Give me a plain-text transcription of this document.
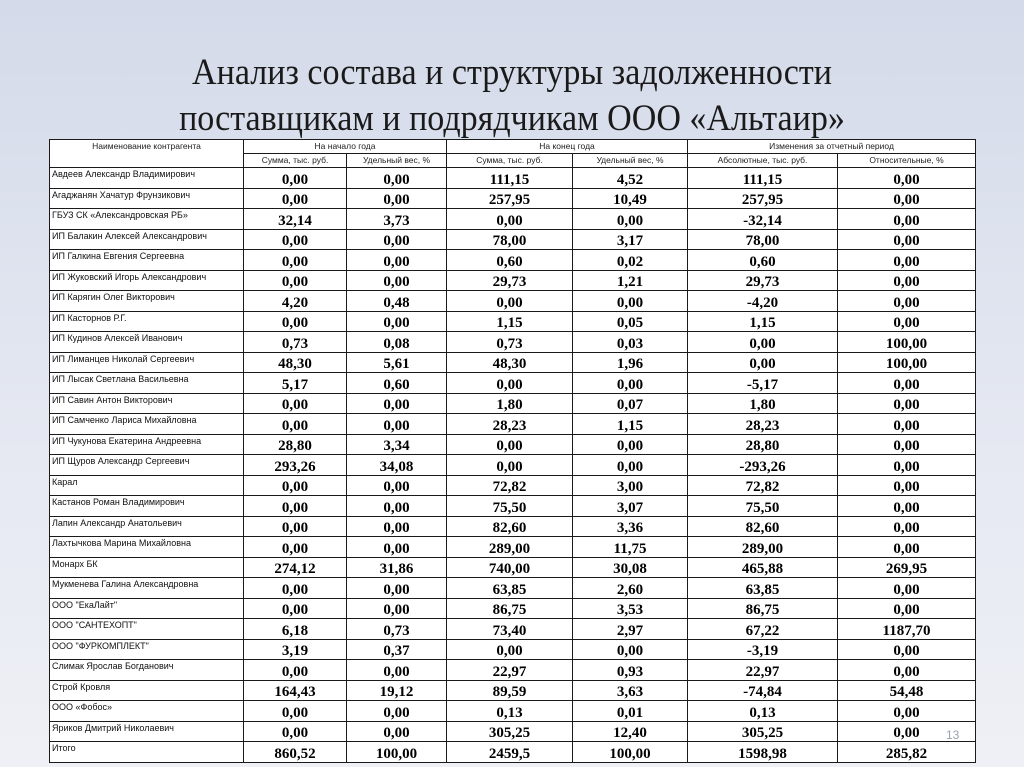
Анализ состава и структуры задолженности
поставщикам и подрядчикам ООО «Альтаир»
Наименование контрагента	На начало года		На конец года		Изменения за отчетный период	
	Сумма, тыс. руб.	Удельный вес, %	Сумма, тыс. руб.	Удельный вес, %	Абсолютные, тыс. руб.	Относительные, %
Авдеев Александр Владимирович	0,00	0,00	111,15	4,52	111,15	0,00
Агаджанян Хачатур Фрунзикович	0,00	0,00	257,95	10,49	257,95	0,00
ГБУЗ СК «Александровская РБ»	32,14	3,73	0,00	0,00	-32,14	0,00
ИП Балакин Алексей Александрович	0,00	0,00	78,00	3,17	78,00	0,00
ИП Галкина Евгения Сергеевна	0,00	0,00	0,60	0,02	0,60	0,00
ИП Жуковский Игорь Александрович	0,00	0,00	29,73	1,21	29,73	0,00
ИП Карягин Олег Викторович	4,20	0,48	0,00	0,00	-4,20	0,00
ИП Касторнов Р.Г.	0,00	0,00	1,15	0,05	1,15	0,00
ИП Кудинов Алексей Иванович	0,73	0,08	0,73	0,03	0,00	100,00
ИП Лиманцев Николай Сергеевич	48,30	5,61	48,30	1,96	0,00	100,00
ИП Лысак Светлана Васильевна	5,17	0,60	0,00	0,00	-5,17	0,00
ИП Савин Антон Викторович	0,00	0,00	1,80	0,07	1,80	0,00
ИП Самченко Лариса Михайловна	0,00	0,00	28,23	1,15	28,23	0,00
ИП Чукунова Екатерина Андреевна	28,80	3,34	0,00	0,00	28,80	0,00
ИП Щуров Александр Сергеевич	293,26	34,08	0,00	0,00	-293,26	0,00
Карал	0,00	0,00	72,82	3,00	72,82	0,00
Кастанов Роман Владимирович	0,00	0,00	75,50	3,07	75,50	0,00
Лапин Александр Анатольевич	0,00	0,00	82,60	3,36	82,60	0,00
Лахтычкова Марина Михайловна	0,00	0,00	289,00	11,75	289,00	0,00
Монарх БК	274,12	31,86	740,00	30,08	465,88	269,95
Мукменева Галина Александровна	0,00	0,00	63,85	2,60	63,85	0,00
ООО "ЕкаЛайт"	0,00	0,00	86,75	3,53	86,75	0,00
ООО "САНТЕХОПТ"	6,18	0,73	73,40	2,97	67,22	1187,70
ООО "ФУРКОМПЛЕКТ"	3,19	0,37	0,00	0,00	-3,19	0,00
Слимак Ярослав Богданович	0,00	0,00	22,97	0,93	22,97	0,00
Строй Кровля	164,43	19,12	89,59	3,63	-74,84	54,48
ООО «Фобос»	0,00	0,00	0,13	0,01	0,13	0,00
Яриков Дмитрий Николаевич	0,00	0,00	305,25	12,40	305,25	0,00
Итого	860,52	100,00	2459,5	100,00	1598,98	285,82
13
